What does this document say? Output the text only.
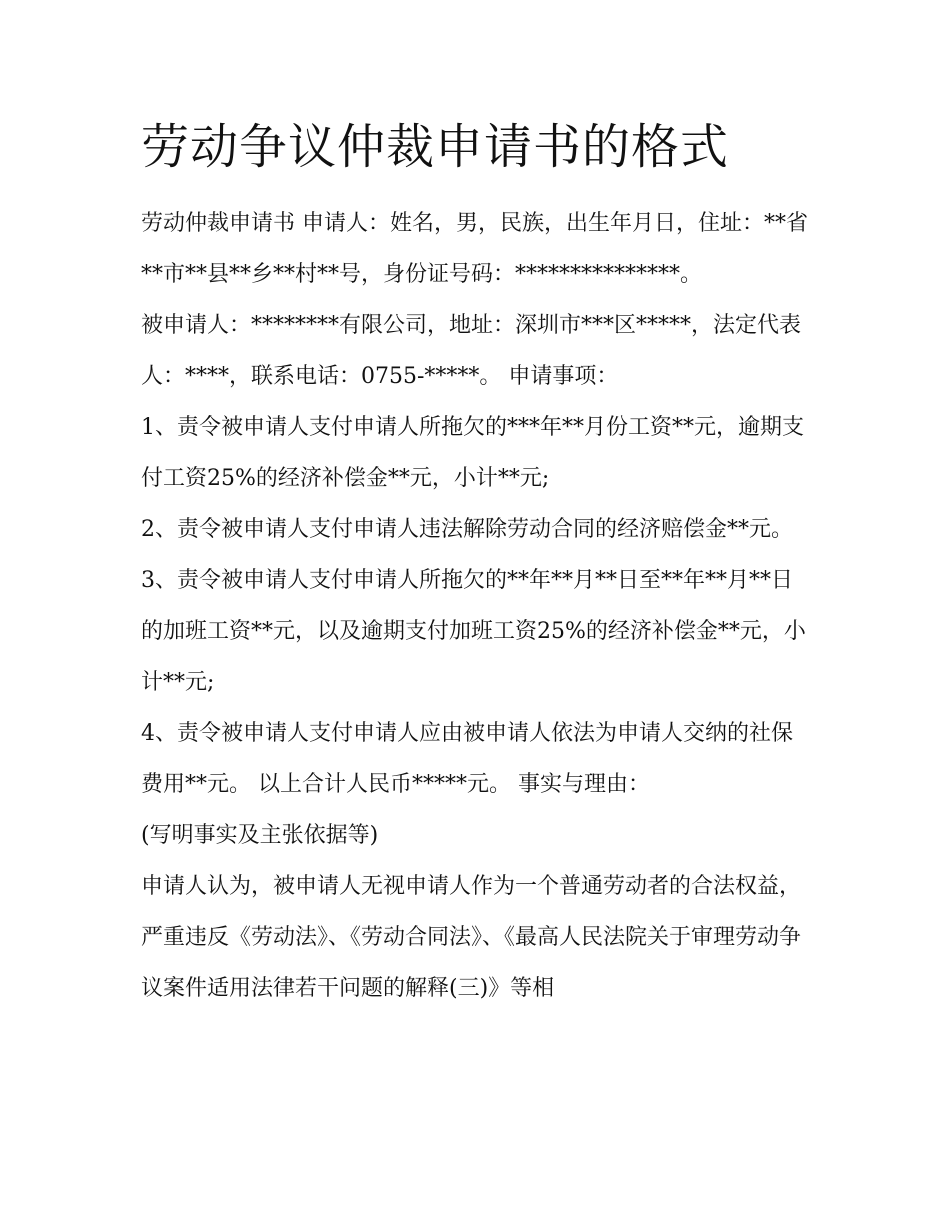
劳动争议仲裁申请书的格式

劳动仲裁申请书 申请人：姓名，男，民族，出生年月日，住址：**省**市**县**乡**村**号，身份证号码：***************。

被申请人：********有限公司，地址：深圳市***区*****，法定代表人：****，联系电话：0755-*****。 申请事项：

1、责令被申请人支付申请人所拖欠的***年**月份工资**元，逾期支付工资25%的经济补偿金**元，小计**元;

2、责令被申请人支付申请人违法解除劳动合同的经济赔偿金**元。

3、责令被申请人支付申请人所拖欠的**年**月**日至**年**月**日的加班工资**元，以及逾期支付加班工资25%的经济补偿金**元，小计**元;

4、责令被申请人支付申请人应由被申请人依法为申请人交纳的社保费用**元。 以上合计人民币*****元。 事实与理由：

(写明事实及主张依据等)

申请人认为，被申请人无视申请人作为一个普通劳动者的合法权益，严重违反《劳动法》、《劳动合同法》、《最高人民法院关于审理劳动争议案件适用法律若干问题的解释(三)》等相
